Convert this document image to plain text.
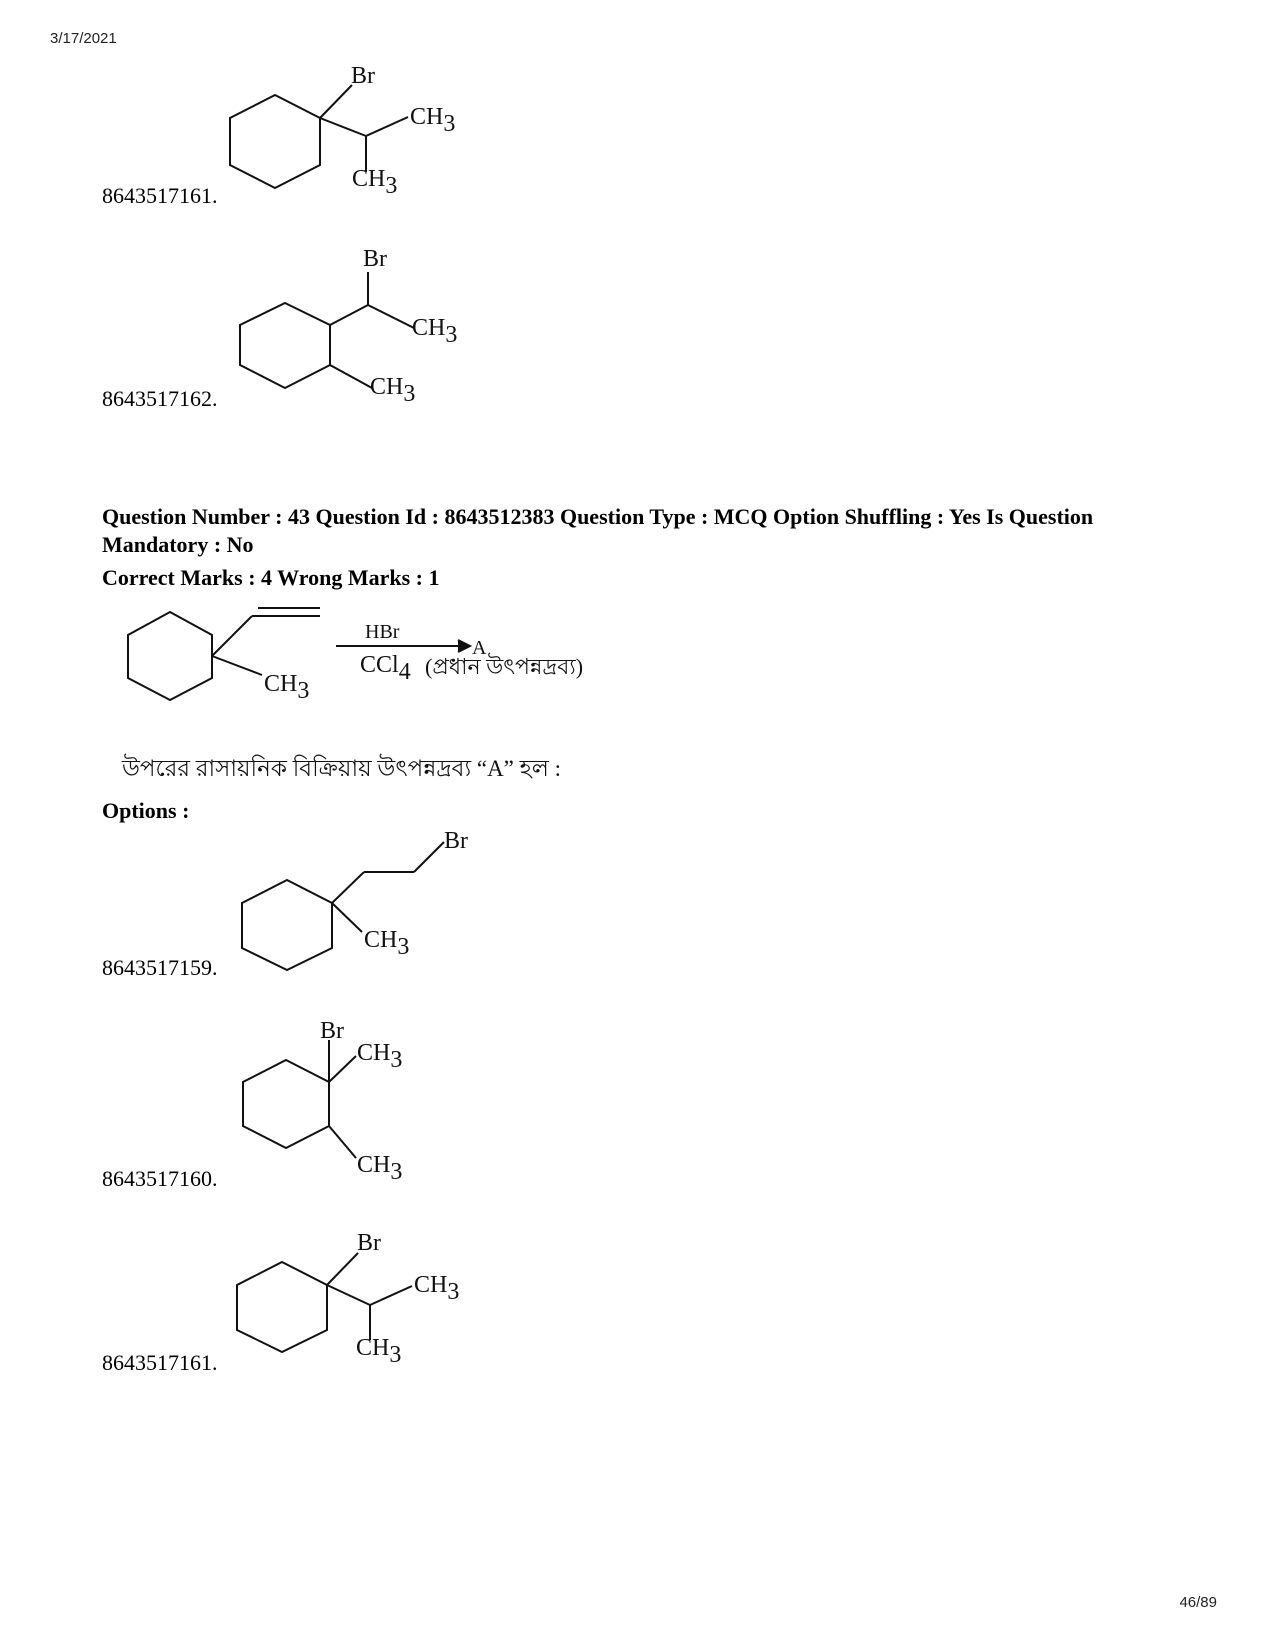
3/17/2021
Br
CH3
CH3
8643517161.
Br
CH3
CH3
8643517162.
Question Number : 43 Question Id : 8643512383 Question Type : MCQ Option Shuffling : Yes Is Question Mandatory : No
Correct Marks : 4 Wrong Marks : 1
CH3
HBr
A
CCl4 (প্রধান উৎপন্নদ্রব্য)
উপরের রাসায়নিক বিক্রিয়ায় উৎপন্নদ্রব্য “A” হল :
Options :
Br
CH3
8643517159.
Br
CH3
CH3
8643517160.
Br
CH3
CH3
8643517161.
46/89
